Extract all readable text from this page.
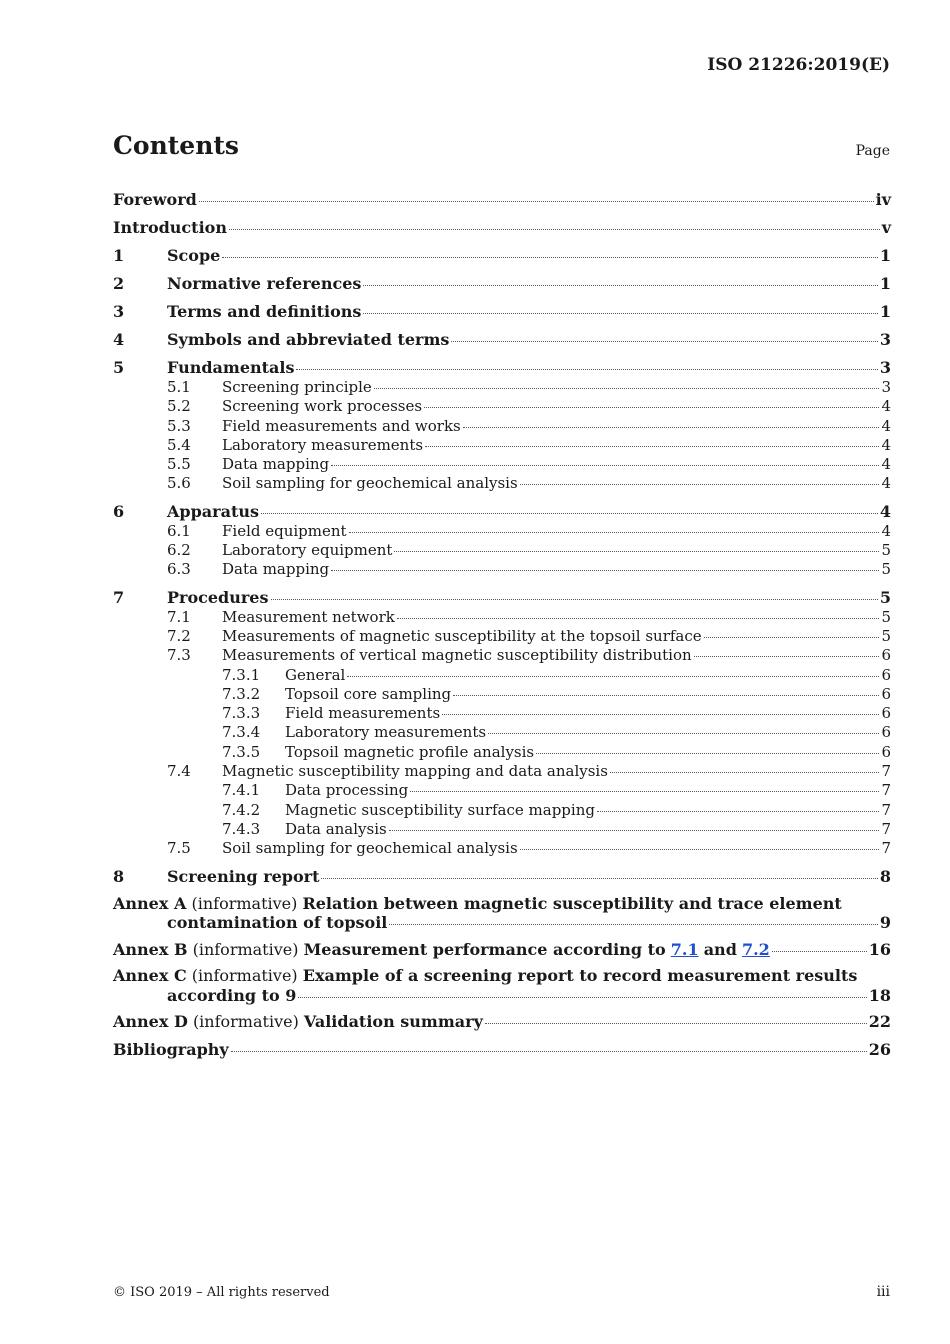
ISO 21226:2019(E)
Contents	Page
Foreword	iv
Introduction	v
1	Scope	1
2	Normative references	1
3	Terms and definitions	1
4	Symbols and abbreviated terms	3
5	Fundamentals	3
5.1	Screening principle	3
5.2	Screening work processes	4
5.3	Field measurements and works	4
5.4	Laboratory measurements	4
5.5	Data mapping	4
5.6	Soil sampling for geochemical analysis	4
6	Apparatus	4
6.1	Field equipment	4
6.2	Laboratory equipment	5
6.3	Data mapping	5
7	Procedures	5
7.1	Measurement network	5
7.2	Measurements of magnetic susceptibility at the topsoil surface	5
7.3	Measurements of vertical magnetic susceptibility distribution	6
7.3.1	General	6
7.3.2	Topsoil core sampling	6
7.3.3	Field measurements	6
7.3.4	Laboratory measurements	6
7.3.5	Topsoil magnetic profile analysis	6
7.4	Magnetic susceptibility mapping and data analysis	7
7.4.1	Data processing	7
7.4.2	Magnetic susceptibility surface mapping	7
7.4.3	Data analysis	7
7.5	Soil sampling for geochemical analysis	7
8	Screening report	8
Annex A (informative) Relation between magnetic susceptibility and trace element
contamination of topsoil	9
Annex B (informative) Measurement performance according to 7.1 and 7.2	16
Annex C (informative) Example of a screening report to record measurement results
according to 9	18
Annex D (informative) Validation summary	22
Bibliography	26
© ISO 2019 – All rights reserved	iii
